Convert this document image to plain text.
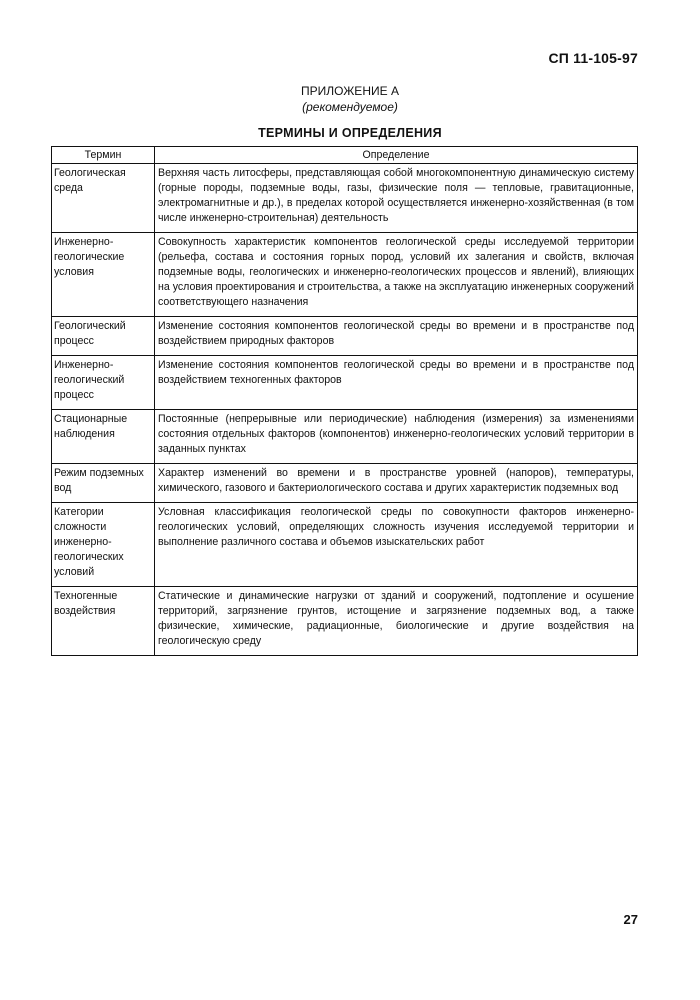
СП 11-105-97
ПРИЛОЖЕНИЕ А
(рекомендуемое)
ТЕРМИНЫ И ОПРЕДЕЛЕНИЯ
Термин	Определение
Геологическая среда	Верхняя часть литосферы, представляющая собой многокомпонентную динамическую систему (горные породы, подземные воды, газы, физические поля — тепловые, гравитационные, электромагнитные и др.), в пределах которой осуществляется инженерно-хозяйственная (в том числе инженерно-строительная) деятельность
Инженерно-геологические условия	Совокупность характеристик компонентов геологической среды исследуемой территории (рельефа, состава и состояния горных пород, условий их залегания и свойств, включая подземные воды, геологических и инженерно-геологических процессов и явлений), влияющих на условия проектирования и строительства, а также на эксплуатацию инженерных сооружений соответствующего назначения
Геологический процесс	Изменение состояния компонентов геологической среды во времени и в пространстве под воздействием природных факторов
Инженерно-геологический процесс	Изменение состояния компонентов геологической среды во времени и в пространстве под воздействием техногенных факторов
Стационарные наблюдения	Постоянные (непрерывные или периодические) наблюдения (измерения) за изменениями состояния отдельных факторов (компонентов) инженерно-геологических условий территории в заданных пунктах
Режим подземных вод	Характер изменений во времени и в пространстве уровней (напоров), температуры, химического, газового и бактериологического состава и других характеристик подземных вод
Категории сложности инженерно-геологических условий	Условная классификация геологической среды по совокупности факторов инженерно-геологических условий, определяющих сложность изучения исследуемой территории и выполнение различного состава и объемов изыскательских работ
Техногенные воздействия	Статические и динамические нагрузки от зданий и сооружений, подтопление и осушение территорий, загрязнение грунтов, истощение и загрязнение подземных вод, а также физические, химические, радиационные, биологические и другие воздействия на геологическую среду
27
